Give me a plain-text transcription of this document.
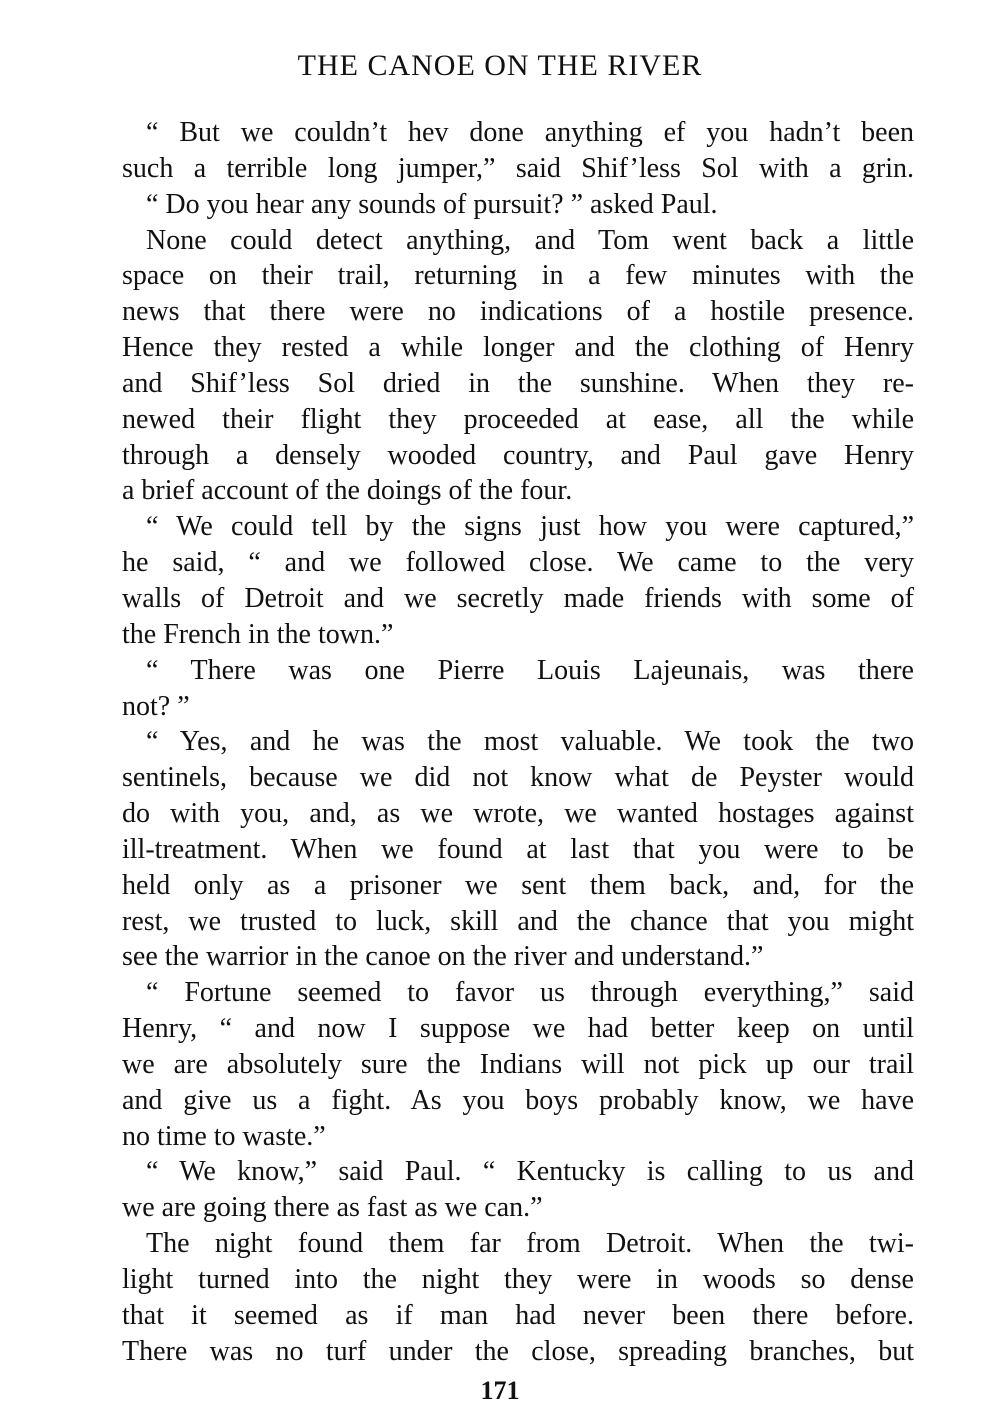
THE CANOE ON THE RIVER
“ But we couldn’t hev done anything ef you hadn’t been
such a terrible long jumper,” said Shif’less Sol with a grin.
“ Do you hear any sounds of pursuit? ” asked Paul.
None could detect anything, and Tom went back a little
space on their trail, returning in a few minutes with the
news that there were no indications of a hostile presence.
Hence they rested a while longer and the clothing of Henry
and Shif’less Sol dried in the sunshine. When they re-
newed their flight they proceeded at ease, all the while
through a densely wooded country, and Paul gave Henry
a brief account of the doings of the four.
“ We could tell by the signs just how you were captured,”
he said, “ and we followed close. We came to the very
walls of Detroit and we secretly made friends with some of
the French in the town.”
“ There was one Pierre Louis Lajeunais, was there
not? ”
“ Yes, and he was the most valuable. We took the two
sentinels, because we did not know what de Peyster would
do with you, and, as we wrote, we wanted hostages against
ill-treatment. When we found at last that you were to be
held only as a prisoner we sent them back, and, for the
rest, we trusted to luck, skill and the chance that you might
see the warrior in the canoe on the river and understand.”
“ Fortune seemed to favor us through everything,” said
Henry, “ and now I suppose we had better keep on until
we are absolutely sure the Indians will not pick up our trail
and give us a fight. As you boys probably know, we have
no time to waste.”
“ We know,” said Paul. “ Kentucky is calling to us and
we are going there as fast as we can.”
The night found them far from Detroit. When the twi-
light turned into the night they were in woods so dense
that it seemed as if man had never been there before.
There was no turf under the close, spreading branches, but
171
